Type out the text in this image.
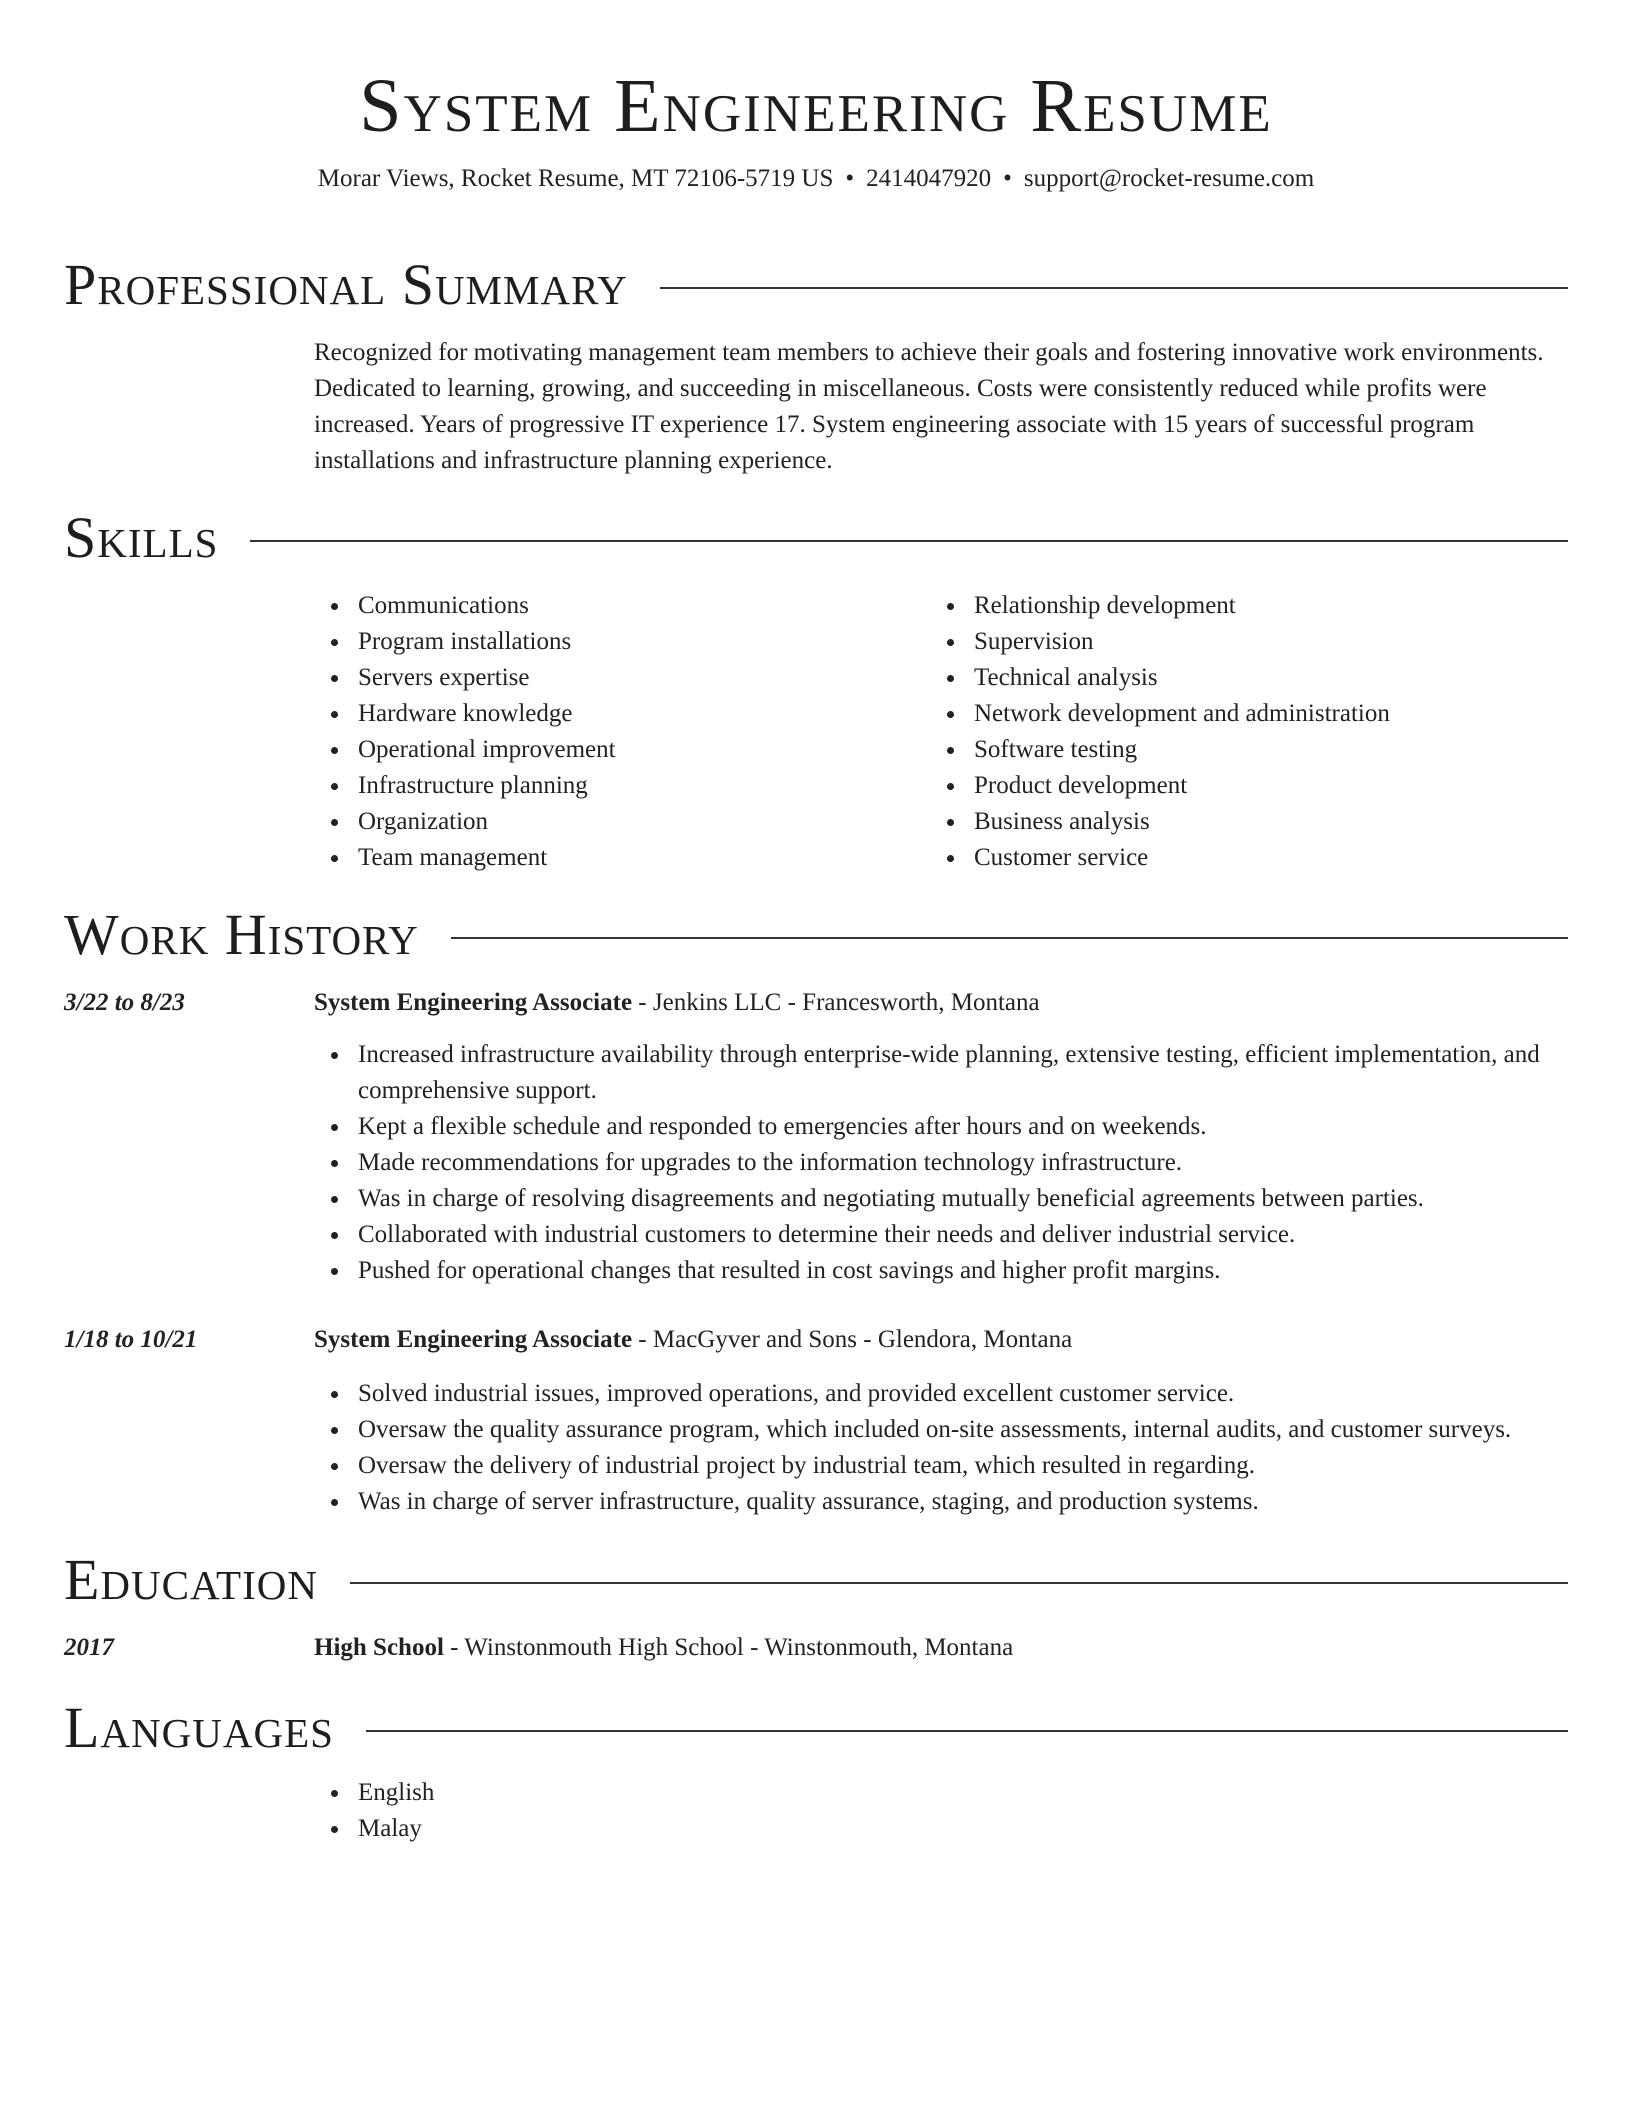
System Engineering Resume
Morar Views, Rocket Resume, MT 72106-5719 US • 2414047920 • support@rocket-resume.com
Professional Summary

Recognized for motivating management team members to achieve their goals and fostering innovative work environments. Dedicated to learning, growing, and succeeding in miscellaneous. Costs were consistently reduced while profits were increased. Years of progressive IT experience 17. System engineering associate with 15 years of successful program installations and infrastructure planning experience.

Skills
Communications
Program installations
Servers expertise
Hardware knowledge
Operational improvement
Infrastructure planning
Organization
Team management
Relationship development
Supervision
Technical analysis
Network development and administration
Software testing
Product development
Business analysis
Customer service
Work History
3/22 to 8/23	System Engineering Associate - Jenkins LLC - Francesworth, Montana
Increased infrastructure availability through enterprise-wide planning, extensive testing, efficient implementation, and comprehensive support.
Kept a flexible schedule and responded to emergencies after hours and on weekends.
Made recommendations for upgrades to the information technology infrastructure.
Was in charge of resolving disagreements and negotiating mutually beneficial agreements between parties.
Collaborated with industrial customers to determine their needs and deliver industrial service.
Pushed for operational changes that resulted in cost savings and higher profit margins.
1/18 to 10/21	System Engineering Associate - MacGyver and Sons - Glendora, Montana
Solved industrial issues, improved operations, and provided excellent customer service.
Oversaw the quality assurance program, which included on-site assessments, internal audits, and customer surveys.
Oversaw the delivery of industrial project by industrial team, which resulted in regarding.
Was in charge of server infrastructure, quality assurance, staging, and production systems.
Education
2017	High School - Winstonmouth High School - Winstonmouth, Montana
Languages
English
Malay
